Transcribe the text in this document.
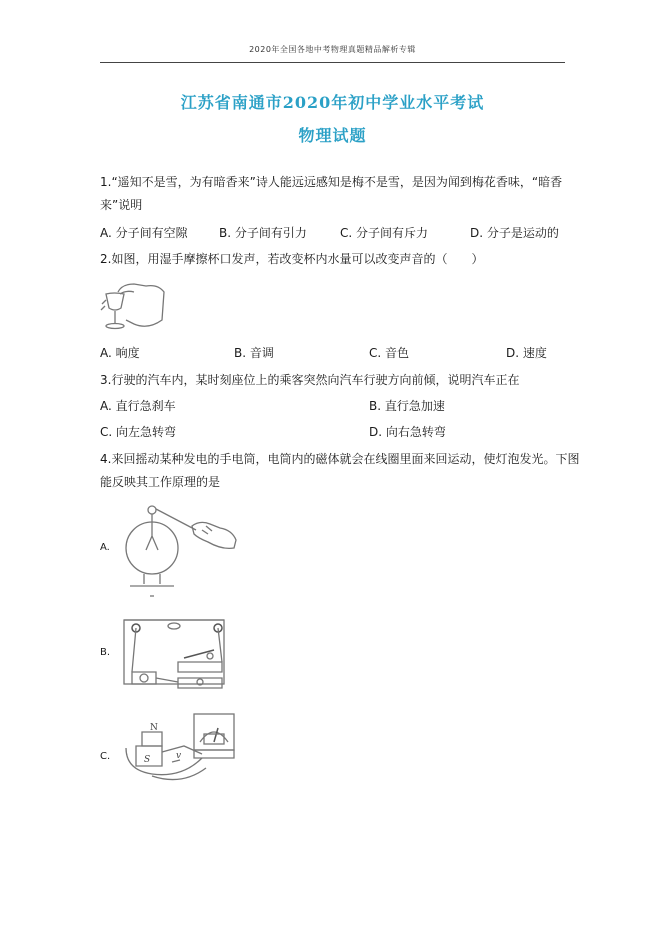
2020年全国各地中考物理真题精品解析专辑
江苏省南通市2020年初中学业水平考试
物理试题
1.“遥知不是雪，为有暗香来”诗人能远远感知是梅不是雪，是因为闻到梅花香味，“暗香
来”说明
A. 分子间有空隙	B. 分子间有引力	C. 分子间有斥力	D. 分子是运动的
2.如图，用湿手摩擦杯口发声，若改变杯内水量可以改变声音的（　　）
A. 响度	B. 音调	C. 音色	D. 速度
3.行驶的汽车内，某时刻座位上的乘客突然向汽车行驶方向前倾，说明汽车正在
A. 直行急刹车	B. 直行急加速
C. 向左急转弯	D. 向右急转弯
4.来回摇动某种发电的手电筒，电筒内的磁体就会在线圈里面来回运动，使灯泡发光。下图
能反映其工作原理的是
A.
B.
C.
N
S	v
